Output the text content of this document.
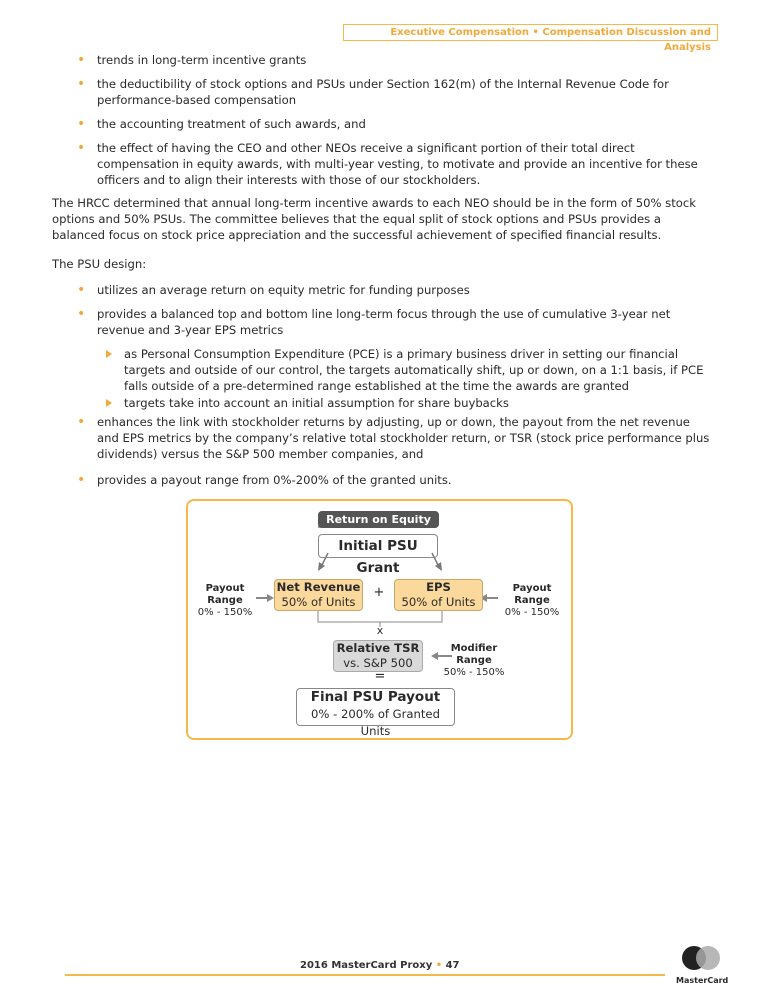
Executive Compensation • Compensation Discussion and Analysis
• trends in long-term incentive grants
• the deductibility of stock options and PSUs under Section 162(m) of the Internal Revenue Code for performance-based compensation
• the accounting treatment of such awards, and
• the effect of having the CEO and other NEOs receive a significant portion of their total direct compensation in equity awards, with multi-year vesting, to motivate and provide an incentive for these officers and to align their interests with those of our stockholders.
The HRCC determined that annual long-term incentive awards to each NEO should be in the form of 50% stock options and 50% PSUs. The committee believes that the equal split of stock options and PSUs provides a balanced focus on stock price appreciation and the successful achievement of specified financial results.
The PSU design:
• utilizes an average return on equity metric for funding purposes
• provides a balanced top and bottom line long-term focus through the use of cumulative 3-year net revenue and 3-year EPS metrics
as Personal Consumption Expenditure (PCE) is a primary business driver in setting our financial targets and outside of our control, the targets automatically shift, up or down, on a 1:1 basis, if PCE falls outside of a pre-determined range established at the time the awards are granted
targets take into account an initial assumption for share buybacks
• enhances the link with stockholder returns by adjusting, up or down, the payout from the net revenue and EPS metrics by the company’s relative total stockholder return, or TSR (stock price performance plus dividends) versus the S&P 500 member companies, and
• provides a payout range from 0%-200% of the granted units.
Return on Equity
Initial PSU Grant
Net Revenue
50% of Units
+	EPS
50% of Units
Payout Range
0% - 150%
Payout Range
0% - 150%
x
Relative TSR
vs. S&P 500
Modifier Range
50% - 150%
=
Final PSU Payout
0% - 200% of Granted Units
2016 MasterCard Proxy • 47
MasterCard
